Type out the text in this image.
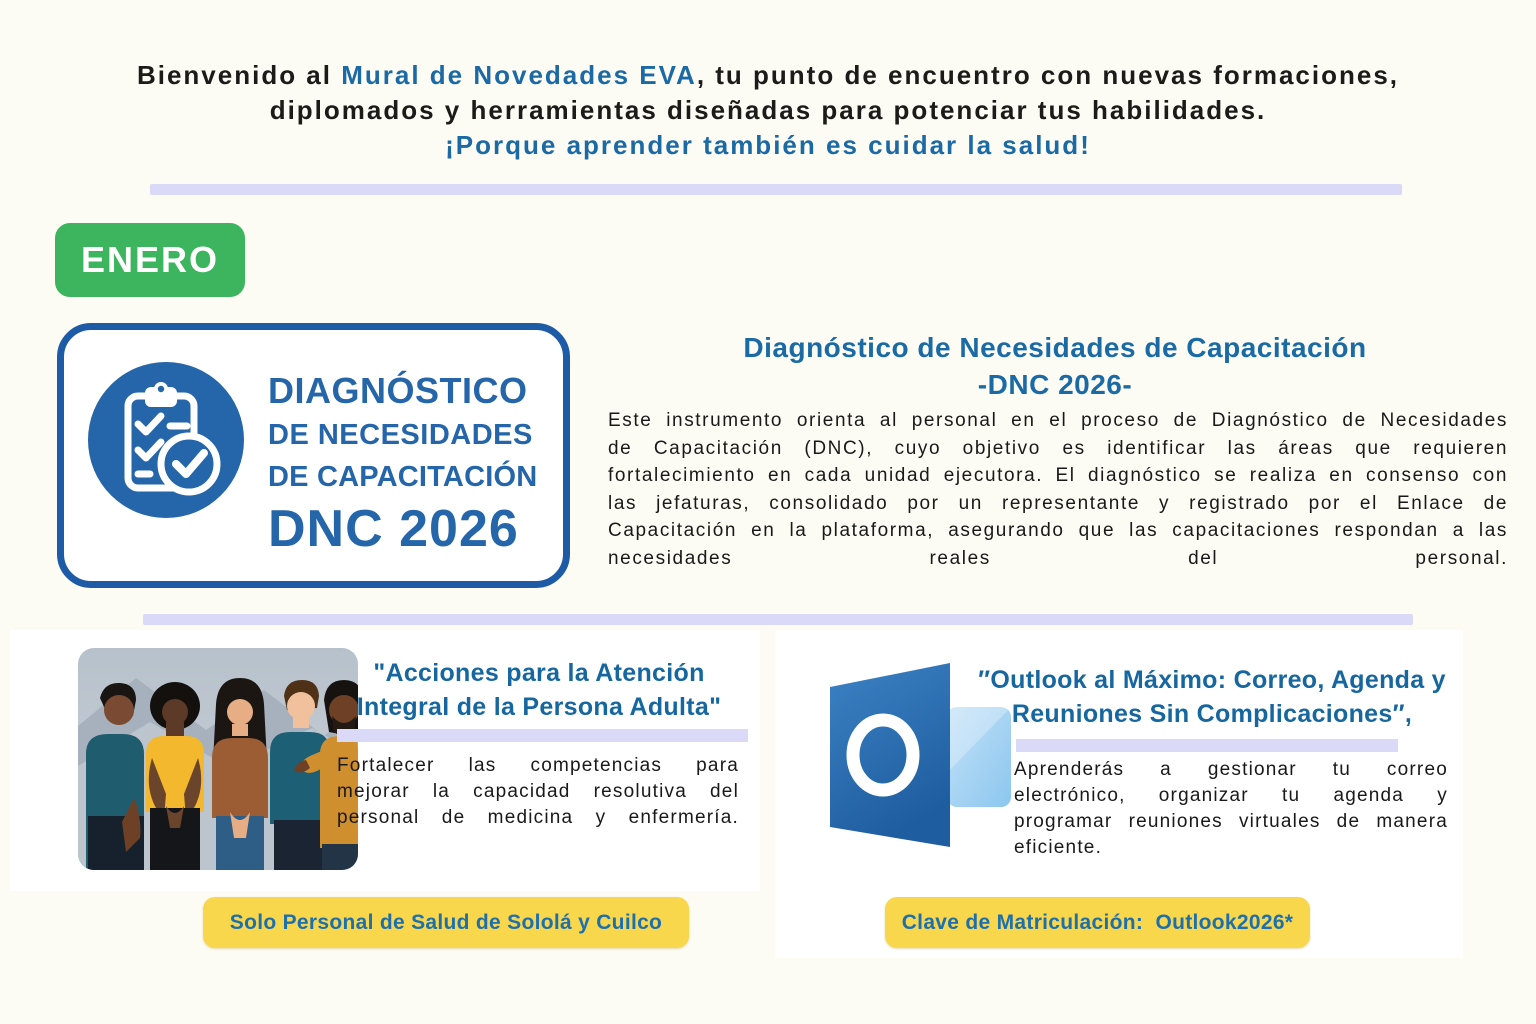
Bienvenido al Mural de Novedades EVA, tu punto de encuentro con nuevas formaciones,
diplomados y herramientas diseñadas para potenciar tus habilidades.
¡Porque aprender también es cuidar la salud!
ENERO
DIAGNÓSTICO
DE NECESIDADES
DE CAPACITACIÓN
DNC 2026
Diagnóstico de Necesidades de Capacitación
-DNC 2026-
Este instrumento orienta al personal en el proceso de Diagnóstico de Necesidades de Capacitación (DNC), cuyo objetivo es identificar las áreas que requieren fortalecimiento en cada unidad ejecutora. El diagnóstico se realiza en consenso con las jefaturas, consolidado por un representante y registrado por el Enlace de Capacitación en la plataforma, asegurando que las capacitaciones respondan a las necesidades reales del personal.
"Acciones para la Atención
Integral de la Persona Adulta"
Fortalecer las competencias para mejorar la capacidad resolutiva del personal de medicina y enfermería.
Solo Personal de Salud de Sololá y Cuilco
″Outlook al Máximo: Correo, Agenda y
Reuniones Sin Complicaciones″,
Aprenderás a gestionar tu correo electrónico, organizar tu agenda y programar reuniones virtuales de manera eficiente.
Clave de Matriculación:  Outlook2026*
